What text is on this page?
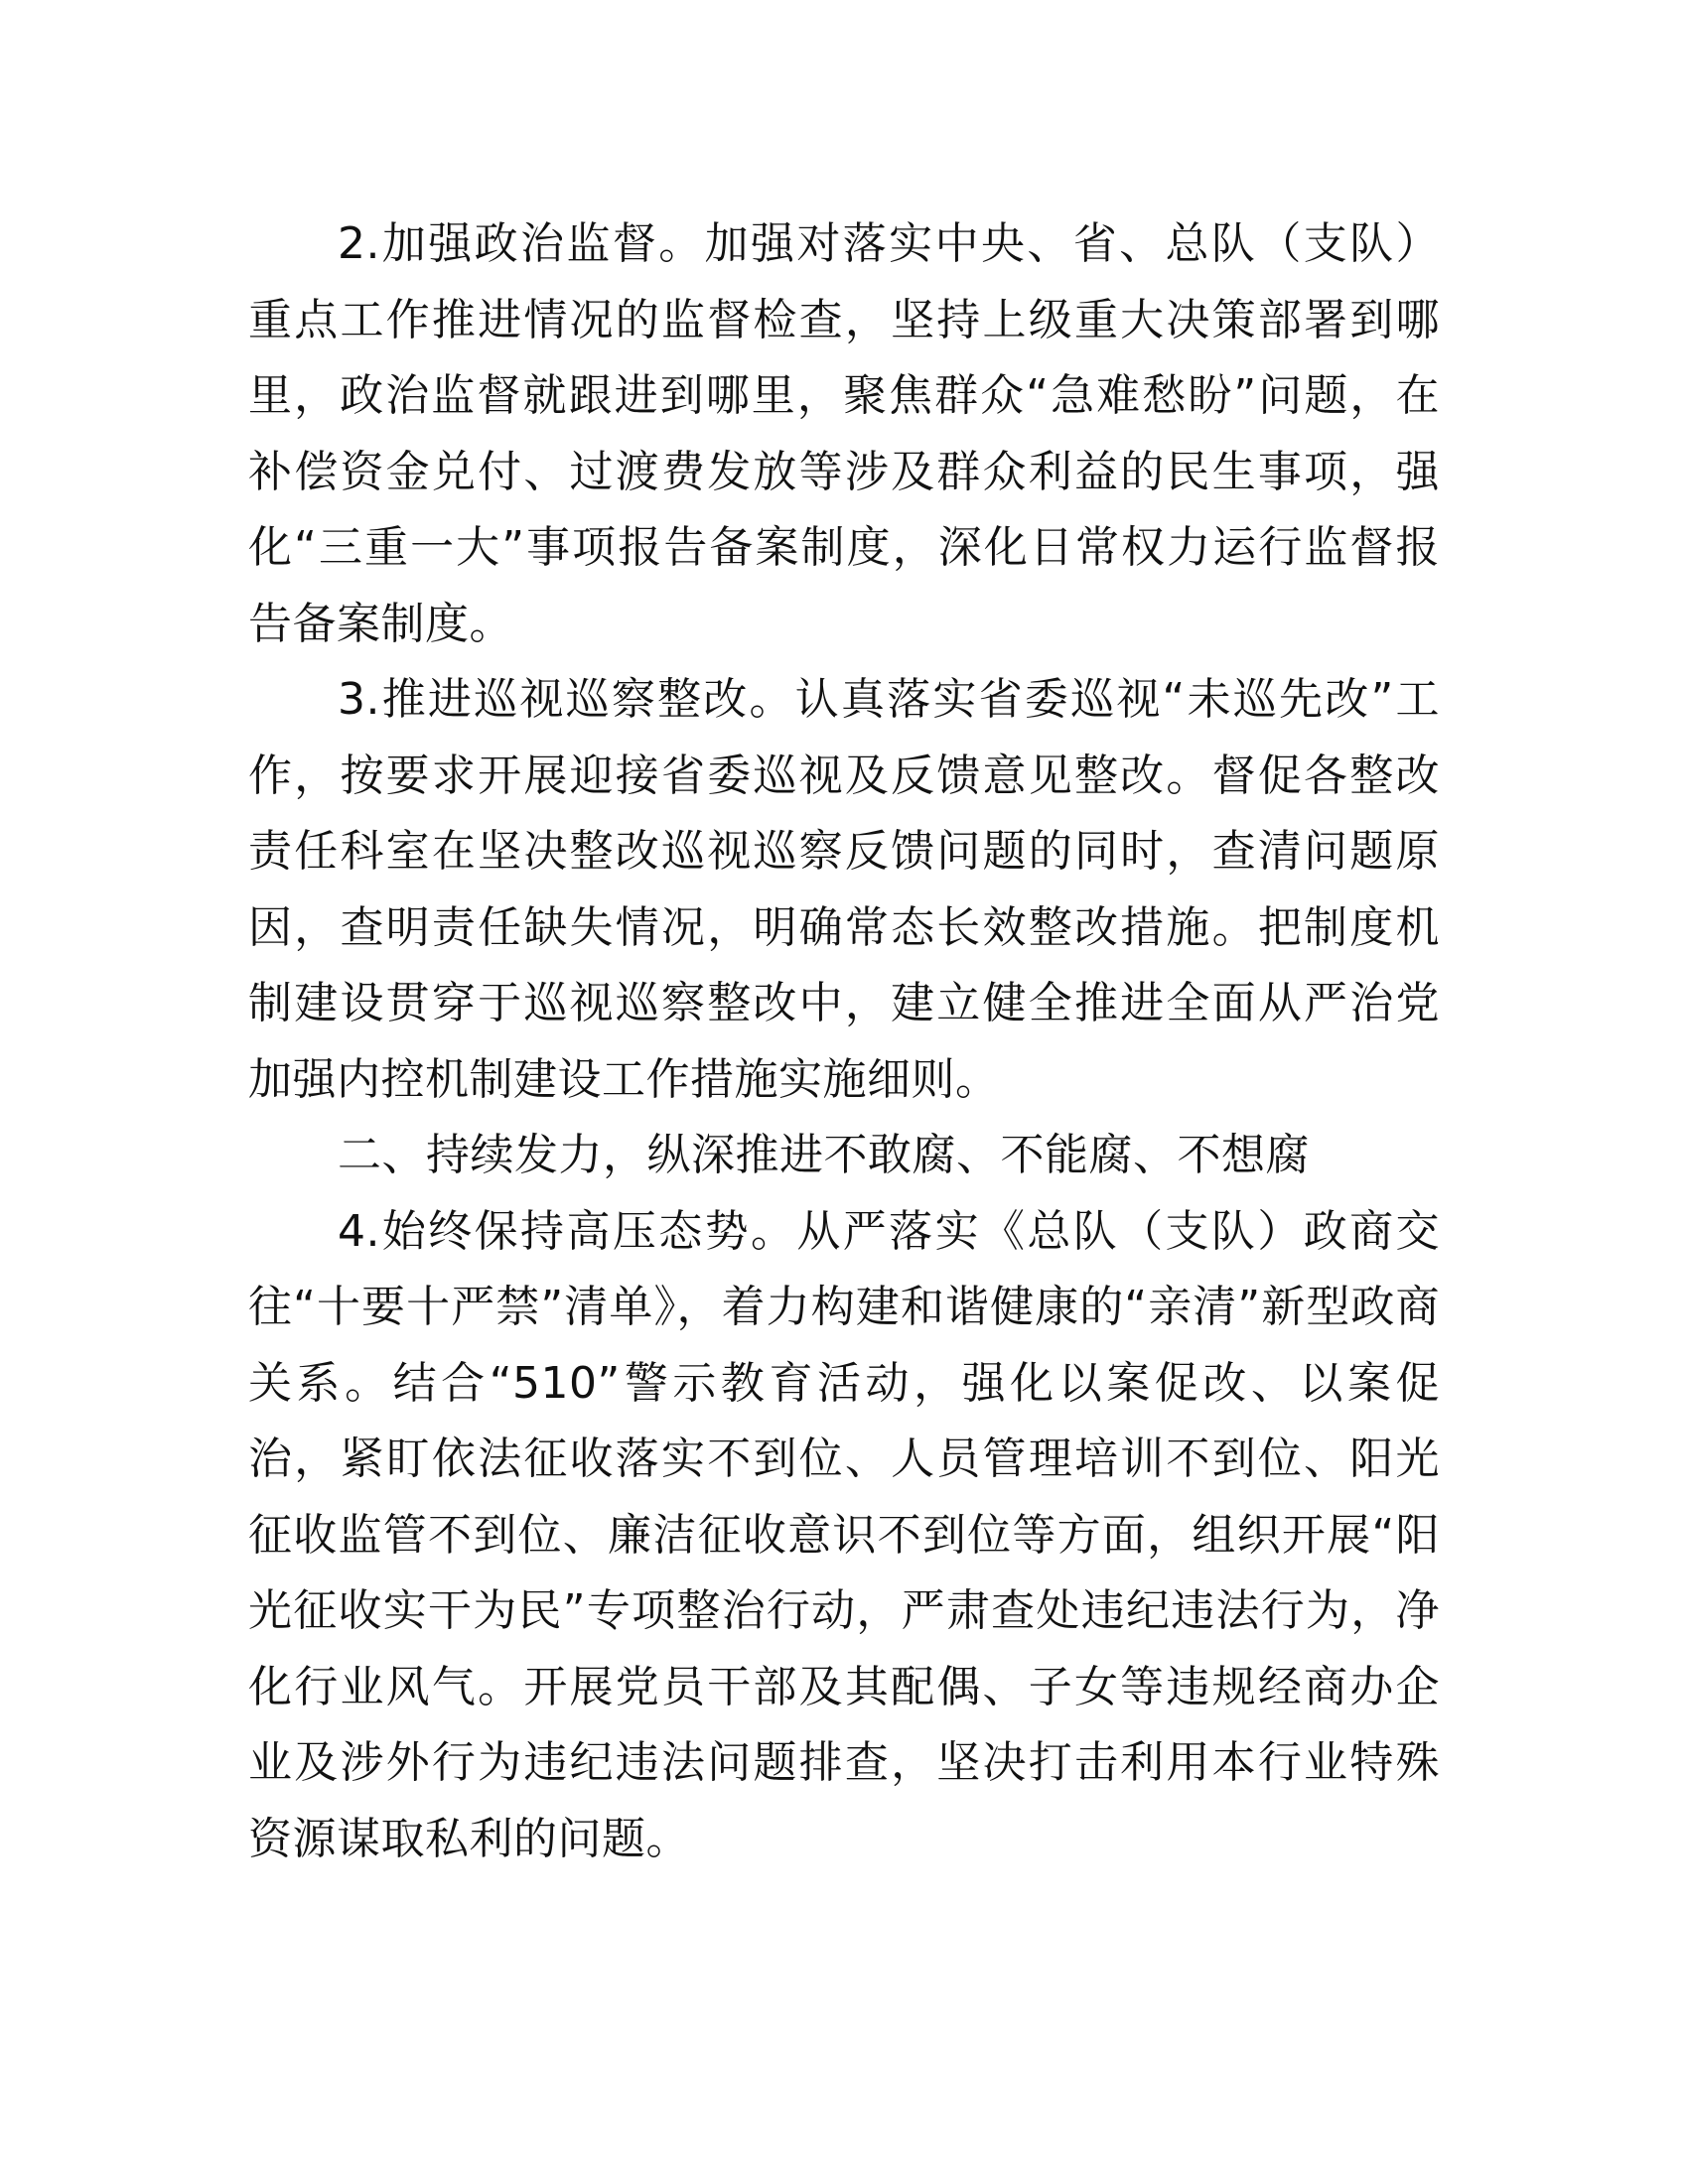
2.加强政治监督。加强对落实中央、省、总队（支队）重点工作推进情况的监督检查，坚持上级重大决策部署到哪里，政治监督就跟进到哪里，聚焦群众“急难愁盼”问题，在补偿资金兑付、过渡费发放等涉及群众利益的民生事项，强化“三重一大”事项报告备案制度，深化日常权力运行监督报告备案制度。

3.推进巡视巡察整改。认真落实省委巡视“未巡先改”工作，按要求开展迎接省委巡视及反馈意见整改。督促各整改责任科室在坚决整改巡视巡察反馈问题的同时，查清问题原因，查明责任缺失情况，明确常态长效整改措施。把制度机制建设贯穿于巡视巡察整改中，建立健全推进全面从严治党加强内控机制建设工作措施实施细则。

二、持续发力，纵深推进不敢腐、不能腐、不想腐

4.始终保持高压态势。从严落实《总队（支队）政商交往“十要十严禁”清单》，着力构建和谐健康的“亲清”新型政商关系。结合“510”警示教育活动，强化以案促改、以案促治，紧盯依法征收落实不到位、人员管理培训不到位、阳光征收监管不到位、廉洁征收意识不到位等方面，组织开展“阳光征收实干为民”专项整治行动，严肃查处违纪违法行为，净化行业风气。开展党员干部及其配偶、子女等违规经商办企业及涉外行为违纪违法问题排查，坚决打击利用本行业特殊资源谋取私利的问题。
